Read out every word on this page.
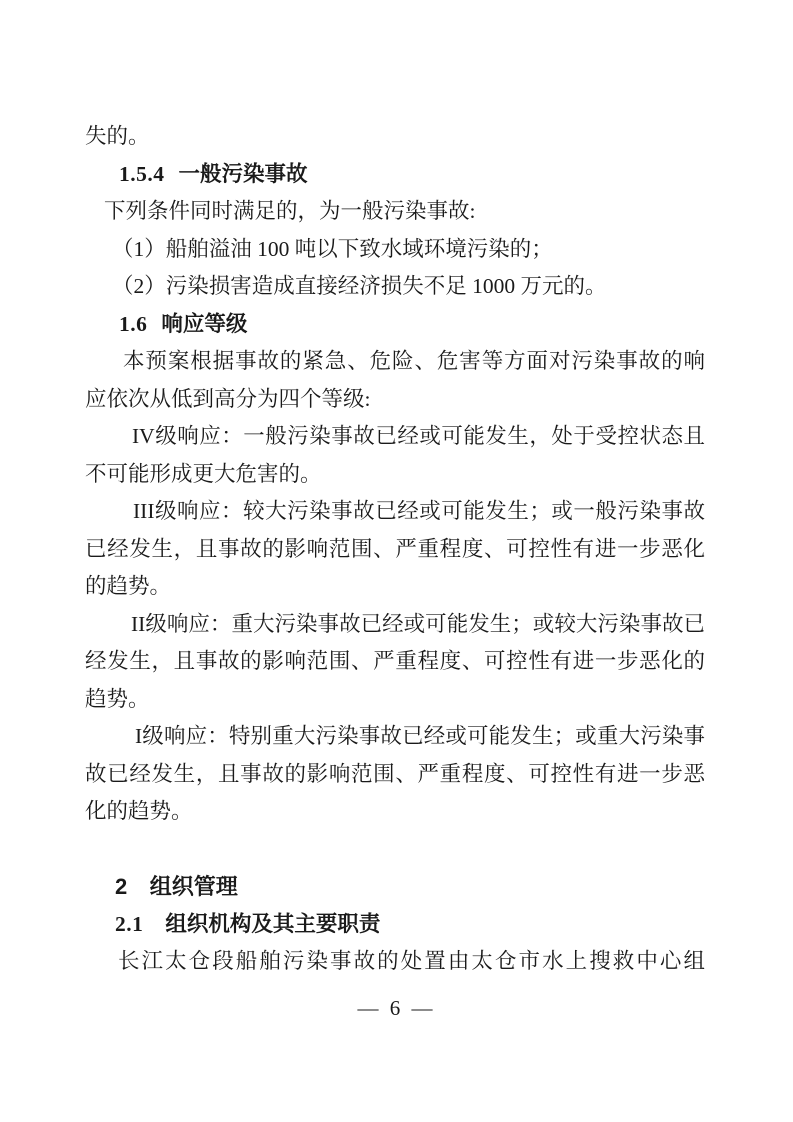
失的。
1.5.4 一般污染事故
下列条件同时满足的，为一般污染事故:
（1）船舶溢油 100 吨以下致水域环境污染的；
（2）污染损害造成直接经济损失不足 1000 万元的。
1.6 响应等级
本预案根据事故的紧急、危险、危害等方面对污染事故的响
应依次从低到高分为四个等级:
IV级响应：一般污染事故已经或可能发生，处于受控状态且
不可能形成更大危害的。
III级响应：较大污染事故已经或可能发生；或一般污染事故
已经发生，且事故的影响范围、严重程度、可控性有进一步恶化
的趋势。
II级响应：重大污染事故已经或可能发生；或较大污染事故已
经发生，且事故的影响范围、严重程度、可控性有进一步恶化的
趋势。
I级响应：特别重大污染事故已经或可能发生；或重大污染事
故已经发生，且事故的影响范围、严重程度、可控性有进一步恶
化的趋势。
2 组织管理
2.1 组织机构及其主要职责
长江太仓段船舶污染事故的处置由太仓市水上搜救中心组
— 6 —
